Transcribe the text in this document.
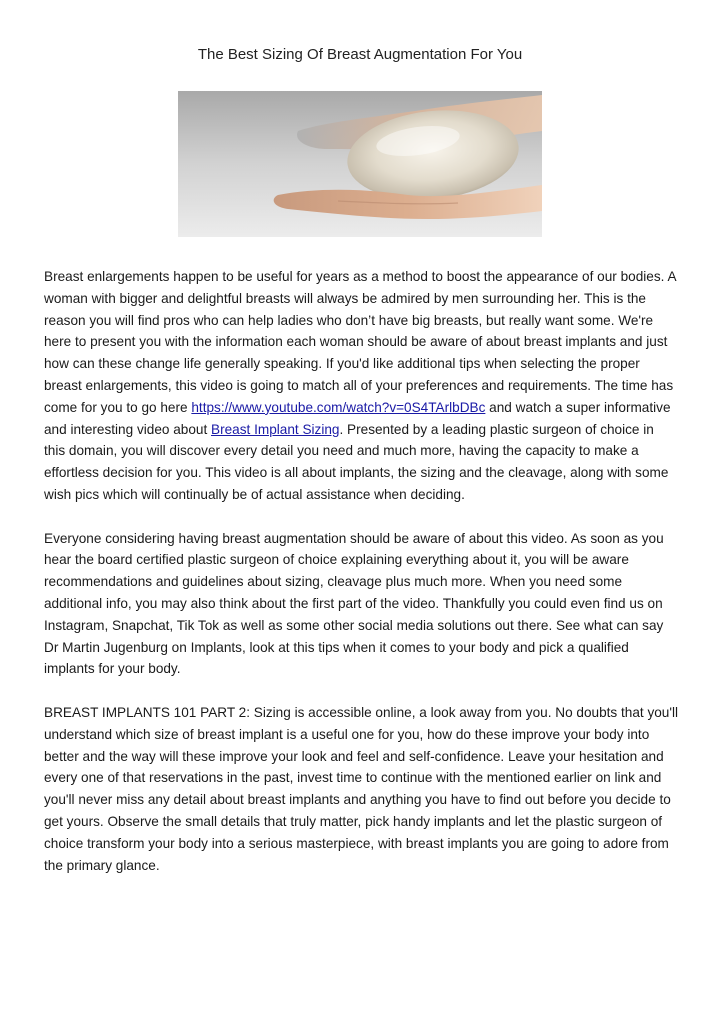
The Best Sizing Of Breast Augmentation For You

Breast enlargements happen to be useful for years as a method to boost the appearance of our bodies. A woman with bigger and delightful breasts will always be admired by men surrounding her. This is the reason you will find pros who can help ladies who don’t have big breasts, but really want some. We're here to present you with the information each woman should be aware of about breast implants and just how can these change life generally speaking. If you'd like additional tips when selecting the proper breast enlargements, this video is going to match all of your preferences and requirements. The time has come for you to go here https://www.youtube.com/watch?v=0S4TArlbDBc and watch a super informative and interesting video about Breast Implant Sizing. Presented by a leading plastic surgeon of choice in this domain, you will discover every detail you need and much more, having the capacity to make a effortless decision for you. This video is all about implants, the sizing and the cleavage, along with some wish pics which will continually be of actual assistance when deciding.

Everyone considering having breast augmentation should be aware of about this video. As soon as you hear the board certified plastic surgeon of choice explaining everything about it, you will be aware recommendations and guidelines about sizing, cleavage plus much more. When you need some additional info, you may also think about the first part of the video. Thankfully you could even find us on Instagram, Snapchat, Tik Tok as well as some other social media solutions out there. See what can say Dr Martin Jugenburg on Implants, look at this tips when it comes to your body and pick a qualified implants for your body.

BREAST IMPLANTS 101 PART 2: Sizing is accessible online, a look away from you. No doubts that you'll understand which size of breast implant is a useful one for you, how do these improve your body into better and the way will these improve your look and feel and self-confidence. Leave your hesitation and every one of that reservations in the past, invest time to continue with the mentioned earlier on link and you'll never miss any detail about breast implants and anything you have to find out before you decide to get yours. Observe the small details that truly matter, pick handy implants and let the plastic surgeon of choice transform your body into a serious masterpiece, with breast implants you are going to adore from the primary glance.
